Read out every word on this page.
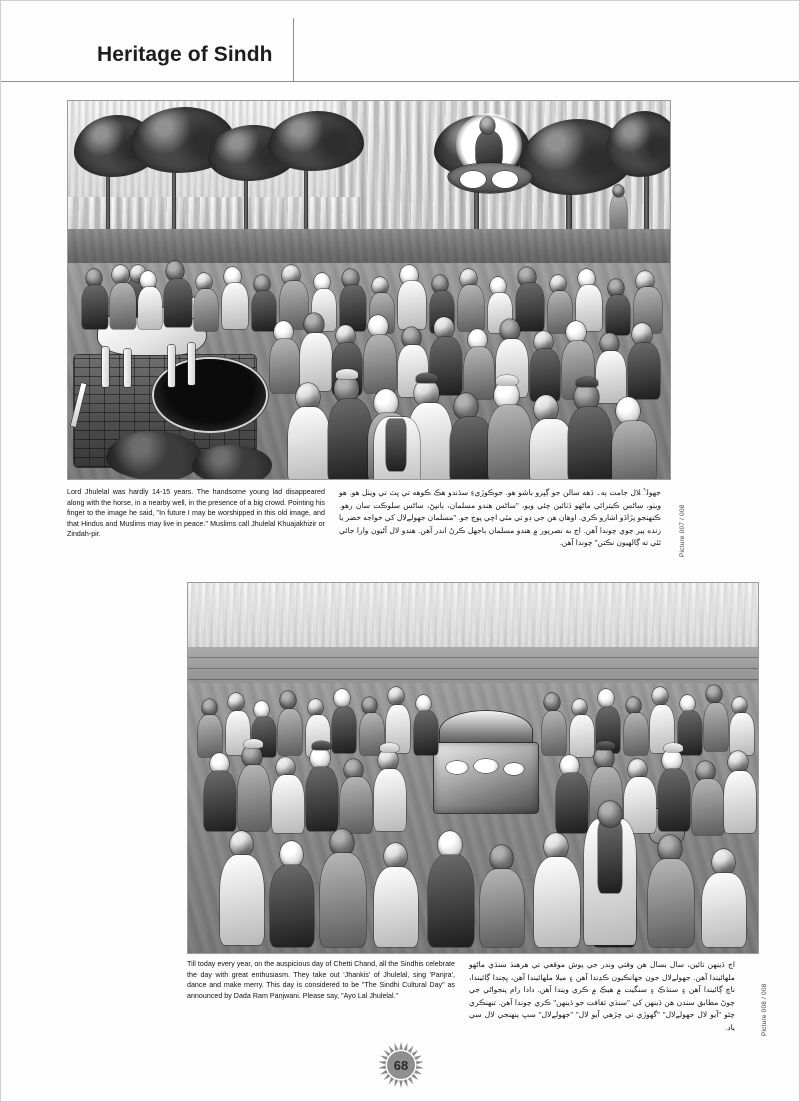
Heritage of Sindh
Lord Jhulelal was hardly 14-15 years. The handsome young lad disappeared along with the horse, in a nearby well, in the presence of a big crowd. Pointing his finger to the image he said, "In future I may be worshipped in this old image, and that Hindus and Muslims may live in peace." Muslims call Jhulelal Khuajakhizir or Zindah-pir.
جھولેلال ڄامت ٻه۔ ڏهه سالن جو ڳڀرو باشو هو. جوڪوڙيءِ سڏندو هڪ ڪوهه تي ڀٽ تي ويٺل ھو. ھو ويٺو، ساڻس ڪيترائي ماڻهو ڏٺائين چئي ويو، "ساڻس هندو مسلمان، ٻانڀڻ، ساڻس سلوڪت سان رهو. ڪنهنجو پڙاڏو اشارو ڪري. اوهان هن جي ڊو تي مٿي اچي پوڄ جو. "مسلمان جھولےلال کي خواجه خضر يا زنده پير چوي چوندا آھن. اڄ به نصرپور ۾ هندو مسلمان ٻاجھل ڪرڻ اندر آھن. هندو لال آڻيون وارا جائي ٿئي ته ڳالهيون نڪتن" چوندا آهن.	Picture 007 / 008
Till today every year, on the auspicious day of Chetti Chand, all the Sindhis celebrate the day with great enthusiasm. They take out 'Jhankis' of Jhulelal, sing 'Panjra', dance and make merry. This day is considered to be "The Sindhi Cultural Day" as announced by Dada Ram Panjwani. Please say, "Ayo Lal Jhulelal."
اڄ ڏينهن تائين، سال بسال هن وقتي وندر جي پوش موقعي تي هرهنڌ سنڌي ماڻهو ملهائيندا آهن. جھولےلال جون جھانڪيون ڪڍندا آهن ۽ ميلا ملهائيندا آهن، ڀڄندا ڳائيندا، ناچ ڳائيندا آهن ۽ سنڌڪ ۽ سنگيت ۾ هيڪ ۾ ڪري ويندا آهن. دادا رام پنجواڻي جي چوڻ مطابق سندن هن ڏينهن کي "سنڌي ثقافت جو ڏينهن" ڪري چوندا آهن. تنھنڪري چئو "آيو لال جھولےلال" "گھوڙي تي چڙهي آيو لال" "جھولےلال" سڀ پنهنجي لال سي ياد.	Picture 008 / 008
68
